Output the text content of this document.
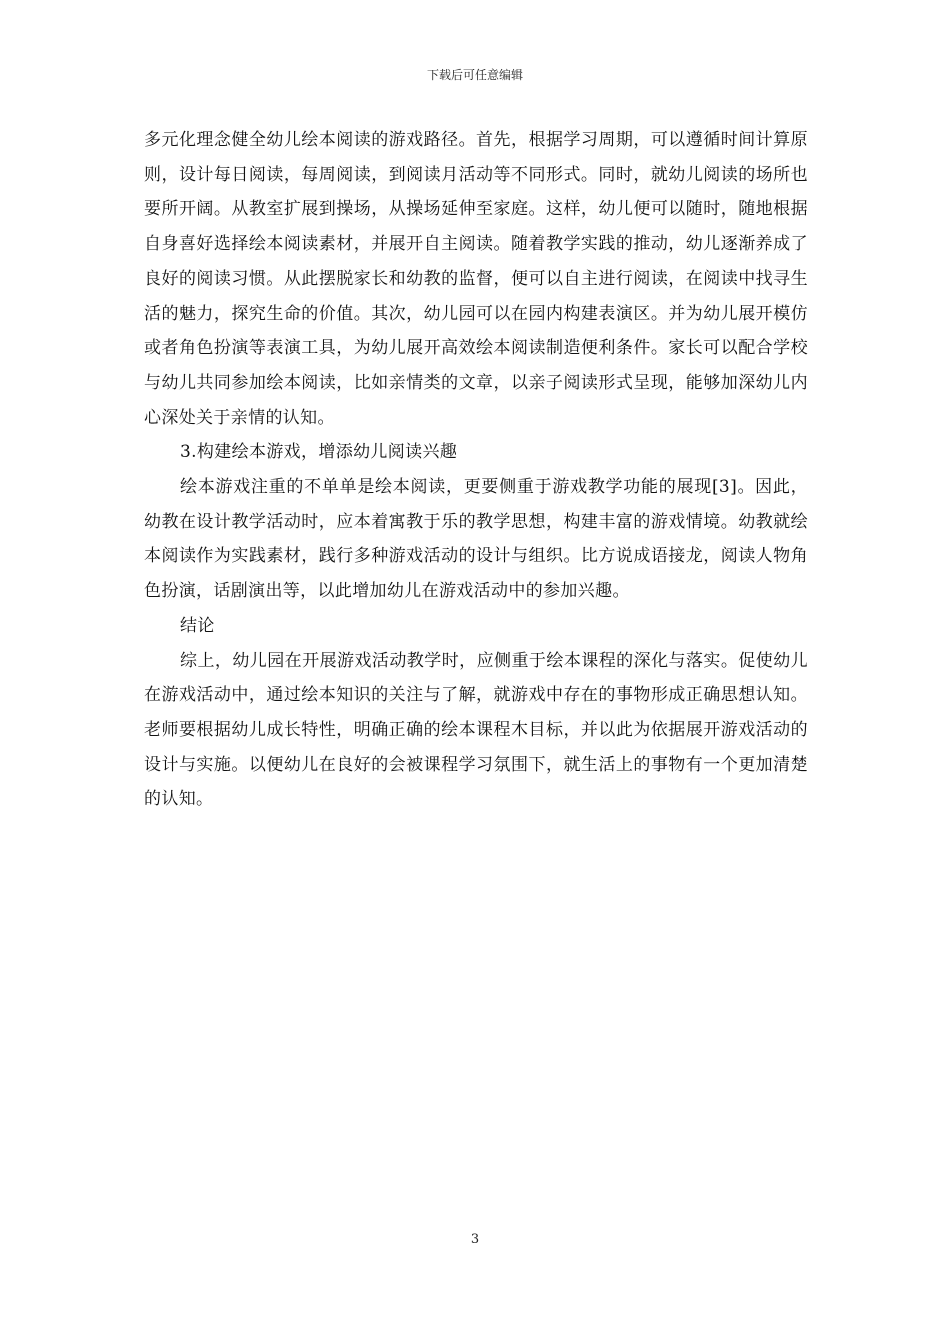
下载后可任意编辑

多元化理念健全幼儿绘本阅读的游戏路径。首先，根据学习周期，可以遵循时间计算原则，设计每日阅读，每周阅读，到阅读月活动等不同形式。同时，就幼儿阅读的场所也要所开阔。从教室扩展到操场，从操场延伸至家庭。这样，幼儿便可以随时，随地根据自身喜好选择绘本阅读素材，并展开自主阅读。随着教学实践的推动，幼儿逐渐养成了良好的阅读习惯。从此摆脱家长和幼教的监督，便可以自主进行阅读，在阅读中找寻生活的魅力，探究生命的价值。其次，幼儿园可以在园内构建表演区。并为幼儿展开模仿或者角色扮演等表演工具，为幼儿展开高效绘本阅读制造便利条件。家长可以配合学校与幼儿共同参加绘本阅读，比如亲情类的文章，以亲子阅读形式呈现，能够加深幼儿内心深处关于亲情的认知。

3.构建绘本游戏，增添幼儿阅读兴趣

绘本游戏注重的不单单是绘本阅读，更要侧重于游戏教学功能的展现[3]。因此，幼教在设计教学活动时，应本着寓教于乐的教学思想，构建丰富的游戏情境。幼教就绘本阅读作为实践素材，践行多种游戏活动的设计与组织。比方说成语接龙，阅读人物角色扮演，话剧演出等，以此增加幼儿在游戏活动中的参加兴趣。

结论

综上，幼儿园在开展游戏活动教学时，应侧重于绘本课程的深化与落实。促使幼儿在游戏活动中，通过绘本知识的关注与了解，就游戏中存在的事物形成正确思想认知。老师要根据幼儿成长特性，明确正确的绘本课程木目标，并以此为依据展开游戏活动的设计与实施。以便幼儿在良好的会被课程学习氛围下，就生活上的事物有一个更加清楚的认知。

3
